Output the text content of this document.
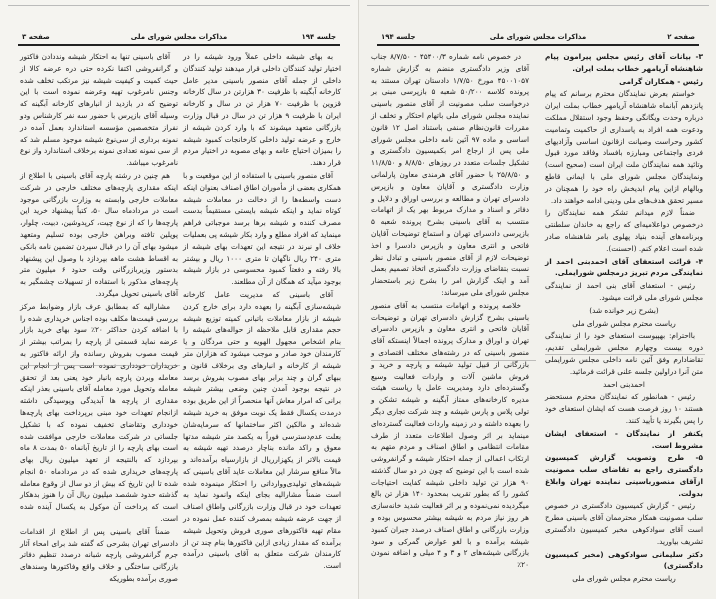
صفحه ۳	مذاکرات مجلس شورای ملی	جلسه ۱۹۴

آقای باسینی تنها به احتکار شیشه ونددادن فاکتور و گرانفروشی اکتفا نکرده حتی دره عرضه کالا از حیث کمیت و کیفیت شیشه نیز مرتکب تخلف شده وجنس نامرغوب تهیه وعرضه نموده است با این توضیح که در بازدید از انبارهای کارخانه آبگینه که وسیله آقای بازپرس با حضور سه نفر کارشناس ودو نفراز متخصصین مؤسسه استاندارد بعمل آمده در نمونه برداری از سی‌نوع شیشه موجود مسلم شد که از سی نمونه تعدادی نمونه برخلاف استاندارد واز نوع نامرغوب میباشد.

هم چنین در رشته پارچه آقای باسینی با اطلاع از اینکه مقداری پارچه‌های مختلف خارجی در شرکت معاملات خارجی وابسته به وزارت بازرگانی موجود است در مردادماه سال ۵۰، کتباً پیشنهاد خرید این پارچه‌ها را که از نوع چیت، کرپدوشین، دبیت، چلوار، پوپلین تافته وبراهن خارجی بوده تسلیم ومتعهد میشود بهای آن را در قبال سپردن تضمین نامه بانکی به اقساط هشت ماهه بپردازد با وصول این پیشنهاد بدستور وزیربازرگانی وقت حدود ۶ میلیون متر پارچه‌های مذکور با استفاده از تسهیلات چشمگیر به آقای باسینی تحویل میگردد.

مشارالیه که بمطابق عرف بازار وضوابط مرکز بررسی قیمت‌ها مکلف بوده اجناس خریداری شده را با اضافه کردن حداکثر ۲۰٪ سود بهای خرید بازار عرضه نماید قسمتی از پارچه را بمراتب بیشتر از قیمت مصوب بفروش رسانده واز ارائه فاکتور به خریداران خودداری نموده است پس از انجام این معامله وبردن پارچه بانبار خود یعنی بعد از تحقق معامله وتحویل مورد معامله آقای باسینی بعذر اینکه مقداری از پارچه ها آبدیدگی وپوسیدگی داشته ازانجام تعهدات خود مبنی برپرداخت بهای پارچه‌ها خودداری وتقاضای تخفیف نموده که با تشکیل جلساتی در شرکت معاملات خارجی موافقت شده است بهای پارچه را از تاریخ آبانماه ۵۰ بمدت ۸ ماه بپردازد که بالنتیجه از تعهد میلیون ریال بهای پارچه‌های خریداری شده که در مردادماه ۵۰ انجام شده تا این تاریخ که بیش از دو سال از وقوع معامله گذشته حدود ششصد میلیون ریال آن را هنوز بدهکار است که پرداخت آن موکول به یکسال آینده شده است.

ضمناً آقای باسینی پس از اطلاع از اقدامات دادسرای تهران بشرحی که گفته شد برای امحاء آثار جرم گرانفروشی پارچه شبانه درصدد تنظیم دفاتر بازرگانی ساختگی و خلاف واقع وفاکتورها وسندهای صوری برآمده بطوریکه

به بهای شیشه داخلی عملاً ورود شیشه را در اختیار تولید کنندگان داخلی قرار میدهند تولید کنندگان داخلی از جمله آقای منصور باسینی مدیر عامل کارخانه آبگینه با ظرفیت ۳۰ هزارتن در سال کارخانه قزوین با ظرفیت ۷۰ هزار تن در سال و کارخانه ایران با ظرفیت ۹ هزار تن در سال در قبال وزارت بازرگانی متعهد میشوند که با وارد کردن شیشه از خارج و عرضه تولید داخلی کارخانجات کمبود شیشه را بمیزان احتیاج عامه و بهای مصوبه در اختیار مردم قرار دهند.

آقای منصور باسینی با استفاده از این موقعیت و با همکاری بعضی از مأموران اطاق اصناف بعنوان اینکه دست واسطه‌ها را از دخالت در معاملات شیشه کوتاه نماید و اینکه شیشه بایستی مستقیماً بدست مصرف کننده و شیشه برها برسد موجباتی فراهم مینماید که افراد مطلع و وارد بکار شیشه پی بعملیات خلاف او نبرند در نتیجه این تعهدات بهای شیشه از متری ۲۴۰ ریال ناگهان تا متری ۱۰۰۰ ریال و بیشتر بالا رفته و دفعتاً کمبود محسوسی در بازار شیشه بوجود میآید که همگان از آن مطلعند.

آقای باسینی که مدیریت عامل کارخانه شیشه‌سازی آبگینه را بعهده دارد برای خارج کردن شیشه از بازار معاملات باتبانی کمیته توزیع شیشه حجم مقداری قابل ملاحظه از حواله‌های شیشه را بنام اشخاص مجهول الهویه و حتی مردگان و یا کارمندان خود صادر و موجب میشود که هزاران متر شیشه از کارخانه و انبارهای وی برخلاف قانون و ببهای گران و چند برابر بهای مصوب بفروش برسد در نتیجه بوجود آمدن چنین وضعی بیشتر شیشه برانی که امرار معاش آنها منحصراً از این طریق بوده درمدت یکسال فقط یک نوبت موفق به خرید شیشه شده‌اند و مالکین اکثر ساختمانها که سرمایه‌شان بعلت عدم‌دسترسی فوراً به یکصد متر شیشه مدتها معوق و راکد مانده بناچار درصدد تهیه شیشه به قیمت بالاتر از یکهزارریال از بازارسیاه برآمده‌اند و مالاً منافع سرشار این معاملات عاید آقای باسینی که شیشه‌های تولیدی‌ووارداتی را احتکار مینموده شده است ضمناً مشارالیه بجای اینکه وانمود نماید به تعهدات خود در قبال وزارت بازرگانی واطاق اصناف از جهت عرضه شیشه بمصرف کننده عمل نموده در مقام تهیه فاکتورهای صوری فروش وتحویل شیشه برآمده که مقدار زیادی ازاین فاکتورها بنام چند تن از کارمندان شرکت متعلق به آقای باسینی درآمده است.

جلسه ۱۹۴	مذاکرات مجلس شورای ملی	صفحه ۲

در خصوص نامه شماره ۴۵۴۰۰/۳ - ۸/۷/۵۰ جناب آقای وزیر دادگستری منضم به گزارش شماره ۴۵۰۰۱۰۵۷ مورخ ۱/۷/۵۰ دادستان تهران مستند به پرونده کلاسه ۵۰/۲۰۰ شعبه ۵ بازپرسی مبنی بر درخواست سلب مصونیت از آقای منصور باسینی نماینده مجلس شورای ملی باتهام احتکار و تخلف از مقررات قانون‌نظام صنفی باستناد اصل ۱۲ قانون اساسی و ماده ۹۷ آئین نامه داخلی مجلس شورای ملی پس از ارجاع امر بکمیسیون دادگستری و تشکیل جلسات متعدد در روزهای ۸/۸/۵۰ و ۱۱/۸/۵۰ و ۲۵/۸/۵۰ با حضور آقای هرمندی معاون پارلمانی وزارت دادگستری و آقایان معاون و بازپرس دادسرای تهران و مطالعه و بررسی اوراق و دلایل و دفاتر و اسناد و مدارک مربوط بهر یک از اتهامات منتسب به آقای باسینی بشرح پرونده شعبه ۵ بازپرسی دادسرای تهران و استماع توضیحات آقایان فاتحی و انتری معاون و بازپرس دادسرا و اخذ توضیحات لازم از آقای منصور باسینی و تبادل نظر نسبت بتقاضای وزارت دادگستری اتخاذ تصمیم بعمل آمد و اینک گزارش امر را بشرح زیر باستحضار مجلس شورای ملی میرساند:

خلاصه پرونده و اتهامات منتسب به آقای منصور باسینی بشرح گزارش دادسرای تهران و توضیحات آقایان فاتحی و انتری معاون و بازپرس دادسرای تهران و اوراق و مدارک پرونده اجمالاً اینستکه آقای منصور باسینی که در رشته‌های مختلف اقتصادی و بازرگانی از قبیل تولید شیشه و پارچه و خرید و فروش ماشین آلات و واردات فعالیت وسیع وگسترده‌ای دارد ومدیریت عامل یا ریاست هیئت مدیره کارخانه‌های ممتاز آبگینه و شیشه تشکن و تولی پلاس و پارس شیشه و چند شرکت تجاری دیگر را بعهده داشته و در زمینه واردات فعالیت گسترده‌ای مینماید بر اثر وصول اطلاعات متعدد از طرف مقامات انتظامی و اطاق اصناف و مردم متهم به ارتکاب اعمالی از جمله احتکار شیشه و گرانفروشی شده است با این توضیح که چون در دو سال گذشته ۹۰ هزار تن تولید داخلی شیشه کفایت احتیاجات کشور را که بطور تقریب بمحدود ۱۴۰ هزار تن بالغ میگردیده نمی‌نموده و بر اثر فعالیت شدید خانه‌سازی هر روز نیاز مردم به شیشه بیشتر محسوس بوده و وزارت بازرگانی و اطاق اصناف درصدد جبران کمبود شیشه برآمده و با لغو عوارض گمرکی و سود بازرگانی شیشه‌های ۲ و ۳ و ۴ میلی و اضافه نمودن ۲۰٪

۳- بیانات آقای رئیس مجلس پیرامون پیام شاهنشاه آریامهر خطاب بملت ایران.

رئیس - همکاران گرامی

خواستم بعرض نمایندگان محترم برسانم که پیام پانزدهم آبانماه شاهنشاه آریامهر خطاب بملت ایران درباره وحدت ویگانگی وحفظ وجود استقلال مملکت ودعوت همه افراد به پاسداری از حاکمیت وتمامیت کشور وحراست وصیانت ازقانون اساسی وآزادیهای فردی واجتماعی ومبارزه بافساد وفاقد مورد قبول وتائید همه نمایندگان ملت ایران است (صحیح است) ونمایندگان مجلس شورای ملی با ایمانی قاطع وبالهام ازاین پیام ابدیخش راه خود را همچنان در مسیر تحقق هدف‌های ملی ودینی ادامه خواهند داد.

ضمناً لازم میدانم تشکر همه نمایندگان را درخصوص دواعلامیه‌ای که راجع به خاندان سلطنتی وبرنامه‌های آینده بنیاد پهلوی بامر شاهنشاه صادر شده است اعلام کنم. (احسنت).

۴- قرائت استعفای آقای احمدبنی احمد از نمایندگی مردم تبریز درمجلس شورایملی.

رئیس - استعفای آقای بنی احمد از نمایندگی مجلس شورای ملی قرائت میشود.

(بشرح زیر خوانده شد)

ریاست محترم مجلس شورای ملی

بااحترام: بهپیوست استعفای خود را از نمایندگی دوره بیست وچهارم مجلس شورایملی تقدیم، تقاضادارم وفق آئین نامه داخلی مجلس شورایملی متن آنرا دراولین جلسه علنی قرائت فرمائید.

احمدبنی احمد

رئیس - همانطور که نمایندگان محترم مستحضر هستند ۱۰ روز فرصت هست که ایشان استعفای خود را پس بگیرند یا تأیید کنند.

یکنفر از نمایندگان - استعفای ایشان مشروط است.

۵- طرح وتصویب گزارش کمیسیون دادگستری راجع به تقاضای سلب مصونیت ازآقای منصورباسینی نماینده تهران وابلاغ بدولت.

رئیس - گزارش کمیسیون دادگستری در خصوص سلب مصونیت همکار محترممان آقای باسینی مطرح است آقای سوادکوهی مخبر کمیسیون دادگستری تشریف بیاورید.

دکتر سلیمانی سوادکوهی (مخبر کمیسیون دادگستری)

ریاست محترم مجلس شورای ملی
